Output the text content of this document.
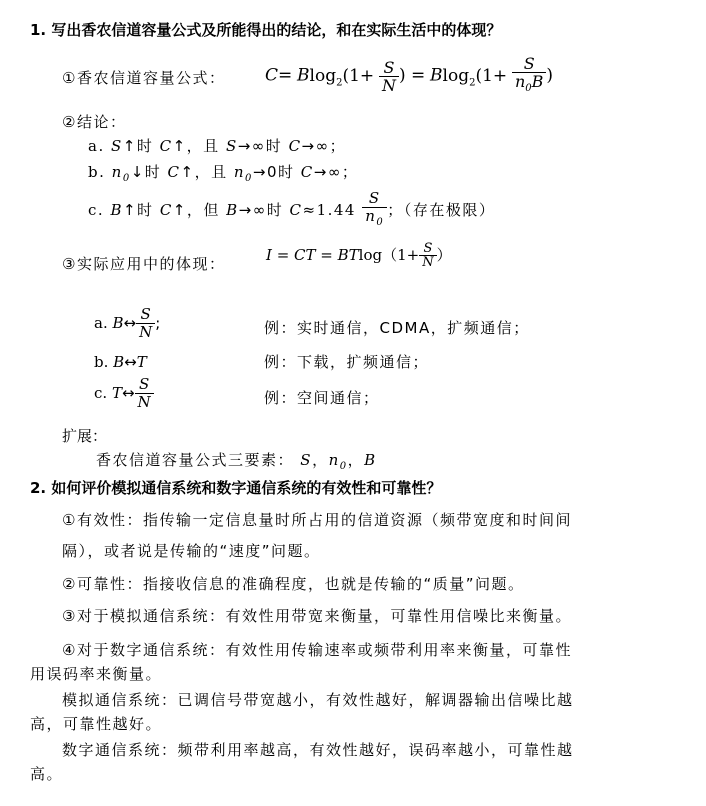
1. 写出香农信道容量公式及所能得出的结论，和在实际生活中的体现？
①香农信道容量公式： $C= Blog_2(1+ \frac{S}{N}$ ) = $Blog_2(1+ \frac{S}{n_0B}$ )
②结论：
a. S↑时 C↑，且 S→∞时 C→∞；
b. $n_0↓$时 C↑，且 $n_0\to 0$时 C→∞；
c. B↑时 C↑，但 B→∞时 $C\approx 1.44 \frac{S}{n_0}$ ；（存在极限）
③实际应用中的体现：	I = CT = $BTlog(1+ \frac{S}{N}$ ）
a. B↔ $\frac{S}{N}$ ;	例：实时通信，CDMA，扩频通信；
b. B↔T	例：下载，扩频通信；
c. T↔ $\frac{S}{N}$	例：空间通信；
扩展：
香农信道容量公式三要素： S，$n_0$，B
2. 如何评价模拟通信系统和数字通信系统的有效性和可靠性？
①有效性：指传输一定信息量时所占用的信道资源（频带宽度和时间间
隔），或者说是传输的“速度”问题。
②可靠性：指接收信息的准确程度，也就是传输的“质量”问题。
③对于模拟通信系统：有效性用带宽来衡量，可靠性用信噪比来衡量。
④对于数字通信系统：有效性用传输速率或频带利用率来衡量，可靠性
用误码率来衡量。
模拟通信系统：已调信号带宽越小，有效性越好，解调器输出信噪比越
高，可靠性越好。
数字通信系统：频带利用率越高，有效性越好，误码率越小，可靠性越
高。
